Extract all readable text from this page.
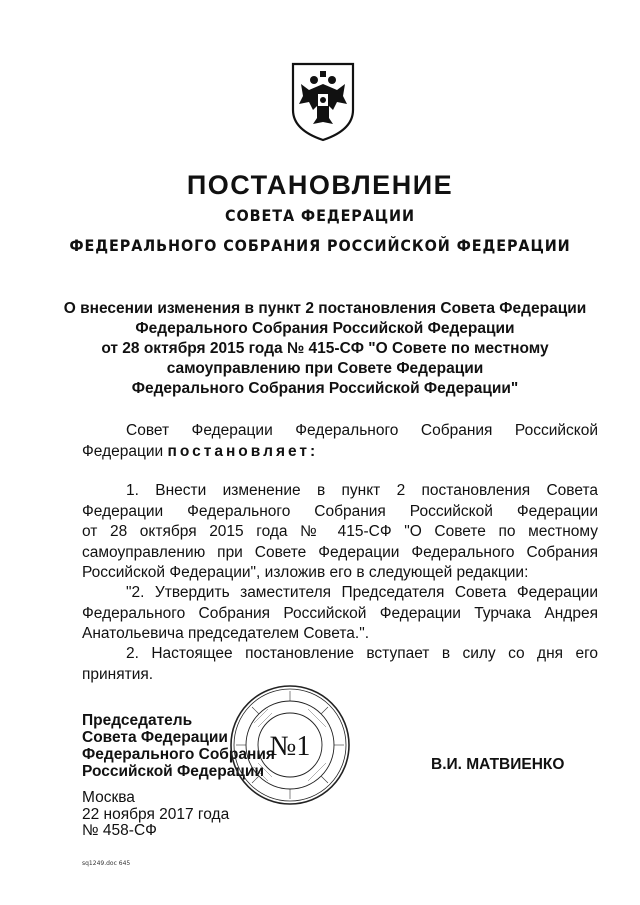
ПОСТАНОВЛЕНИЕ
СОВЕТА ФЕДЕРАЦИИ
ФЕДЕРАЛЬНОГО СОБРАНИЯ РОССИЙСКОЙ ФЕДЕРАЦИИ
О внесении изменения в пункт 2 постановления Совета Федерации
Федерального Собрания Российской Федерации
от 28 октября 2015 года № 415-СФ "О Совете по местному
самоуправлению при Совете Федерации
Федерального Собрания Российской Федерации"
Совет Федерации Федерального Собрания Российской
Федерации постановляет:
1. Внести изменение в пункт 2 постановления Совета
Федерации Федерального Собрания Российской Федерации
от 28 октября 2015 года № 415-СФ "О Совете по местному
самоуправлению при Совете Федерации Федерального Собрания
Российской Федерации", изложив его в следующей редакции:
"2. Утвердить заместителя Председателя Совета Федерации
Федерального Собрания Российской Федерации Турчака Андрея
Анатольевича председателем Совета.".
2. Настоящее постановление вступает в силу со дня его
принятия.
Председатель
Совета Федерации
Федерального Собрания
Российской Федерации	В.И. МАТВИЕНКО
№1
Москва
22 ноября 2017 года
№ 458-СФ
sq1249.doc 645
